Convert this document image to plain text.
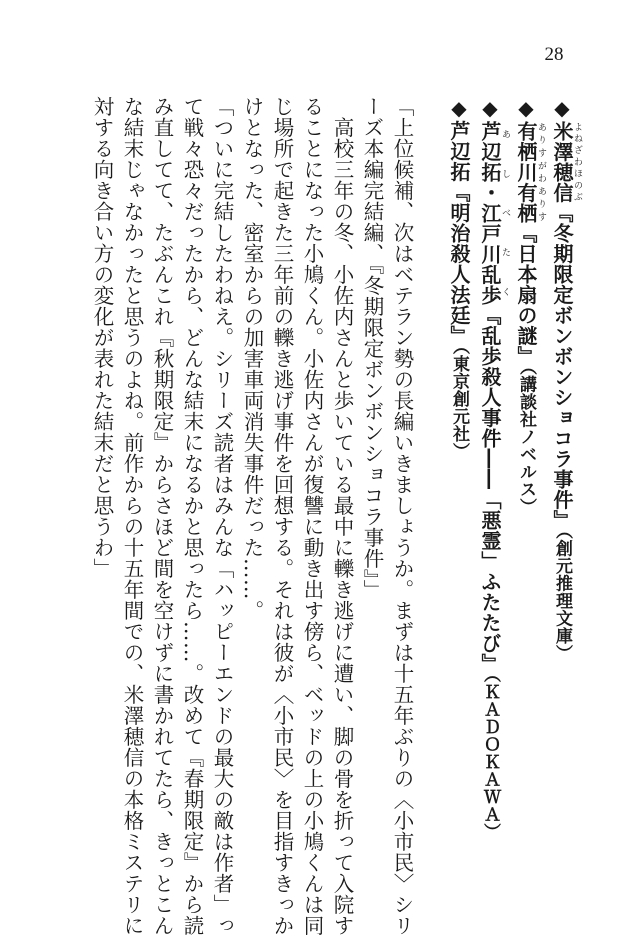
28
◆米澤穂信よねざわほのぶ『冬期限定ボンボンショコラ事件』（創元推理文庫）
◆有栖川有栖ありすがわありす『日本扇の謎』（講談社ノベルス）
◆芦辺拓・江戸川乱歩あしべたく『乱歩殺人事件――「悪霊」ふたたび』（ＫＡＤＯＫＡＷＡ）
◆芦辺拓『明治殺人法廷』（東京創元社）
「上位候補、次はベテラン勢の長編いきましょうか。まずは十五年ぶりの〈小市民〉シリ
ーズ本編完結編、『冬期限定ボンボンショコラ事件』」
　高校三年の冬、小佐内さんと歩いている最中に轢き逃げに遭い、脚の骨を折って入院す
ることになった小鳩くん。小佐内さんが復讐に動き出す傍ら、ベッドの上の小鳩くんは同
じ場所で起きた三年前の轢き逃げ事件を回想する。それは彼が〈小市民〉を目指すきっか
けとなった、密室からの加害車両消失事件だった……。
「ついに完結したわねえ。シリーズ読者はみんな「ハッピーエンドの最大の敵は作者」っ
て戦々恐々だったから、どんな結末になるかと思ったら……。改めて『春期限定』から読
み直してて、たぶんこれ『秋期限定』からさほど間を空けずに書かれてたら、きっとこん
な結末じゃなかったと思うのよね。前作からの十五年間での、米澤穂信の本格ミステリに
対する向き合い方の変化が表れた結末だと思うわ」
